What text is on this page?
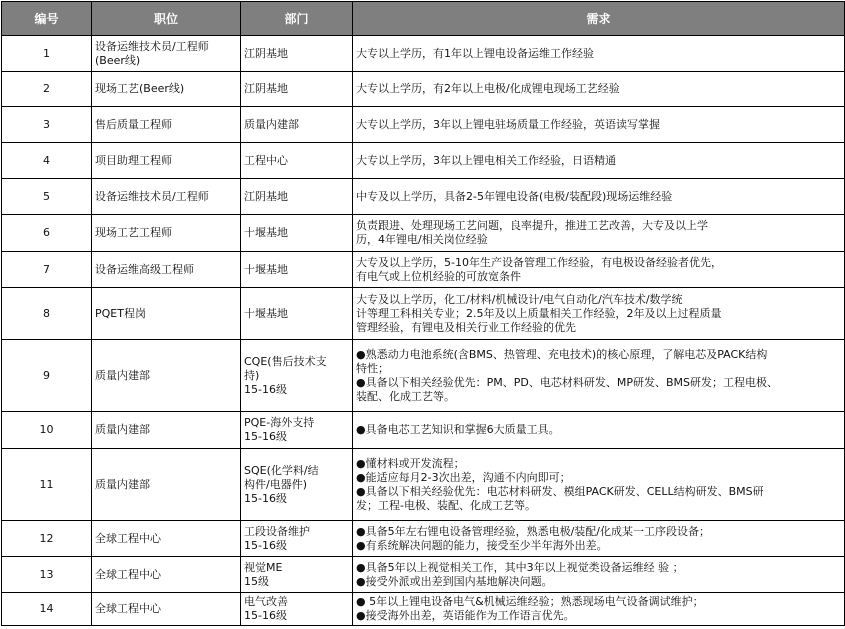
编号	职位	部门	需求
1	设备运维技术员/工程师
(Beer线)	江阴基地	大专以上学历，有1年以上锂电设备运维工作经验

2	现场工艺(Beer线)	江阴基地	大专以上学历，有2年以上电极/化成锂电现场工艺经验

3	售后质量工程师	质量内建部	大专以上学历，3年以上锂电驻场质量工作经验，英语读写掌握

4	项目助理工程师	工程中心	大专以上学历，3年以上锂电相关工作经验，日语精通

5	设备运维技术员/工程师	江阴基地	中专及以上学历，具备2-5年锂电设备(电极/装配段)现场运维经验

6	现场工艺工程师	十堰基地	负责跟进、处理现场工艺问题，良率提升，推进工艺改善，大专及以上学
历，4年锂电/相关岗位经验

7	设备运维高级工程师	十堰基地	大专及以上学历，5-10年生产设备管理工作经验，有电极设备经验者优先，
有电气或上位机经验的可放宽条件

8	PQET程岗	十堰基地	大专及以上学历，化工/材料/机械设计/电气自动化/汽车技术/数学统
计等理工科相关专业；2.5年及以上质量相关工作经验，2年及以上过程质量
管理经验，有锂电及相关行业工作经验的优先

9	质量内建部	CQE(售后技术支
持)
15-16级	●熟悉动力电池系统(含BMS、热管理、充电技术)的核心原理，了解电芯及PACK结构
特性；
●具备以下相关经验优先：PM、PD、电芯材料研发、MP研发、BMS研发；工程电极、
装配、化成工艺等。

10	质量内建部	PQE-海外支持
15-16级	●具备电芯工艺知识和掌握6大质量工具。

11	质量内建部	SQE(化学料/结
构件/电器件)
15-16级	●懂材料或开发流程；
●能适应每月2-3次出差，沟通不内向即可；
●具备以下相关经验优先：电芯材料研发、模组PACK研发、CELL结构研发、BMS研
发；工程-电极、装配、化成工艺等。

12	全球工程中心	工段设备维护
15-16级	●具备5年左右锂电设备管理经验，熟悉电极/装配/化成某一工序段设备；
●有系统解决问题的能力，接受至少半年海外出差。

13	全球工程中心	视觉ME
15级	●具备5年以上视觉相关工作，其中3年以上视觉类设备运维经 验 ；
●接受外派或出差到国内基地解决问题。

14	全球工程中心	电气改善
15-16级	● 5年以上锂电设备电气&机械运维经验；熟悉现场电气设备调试维护；
●接受海外出差，英语能作为工作语言优先。
